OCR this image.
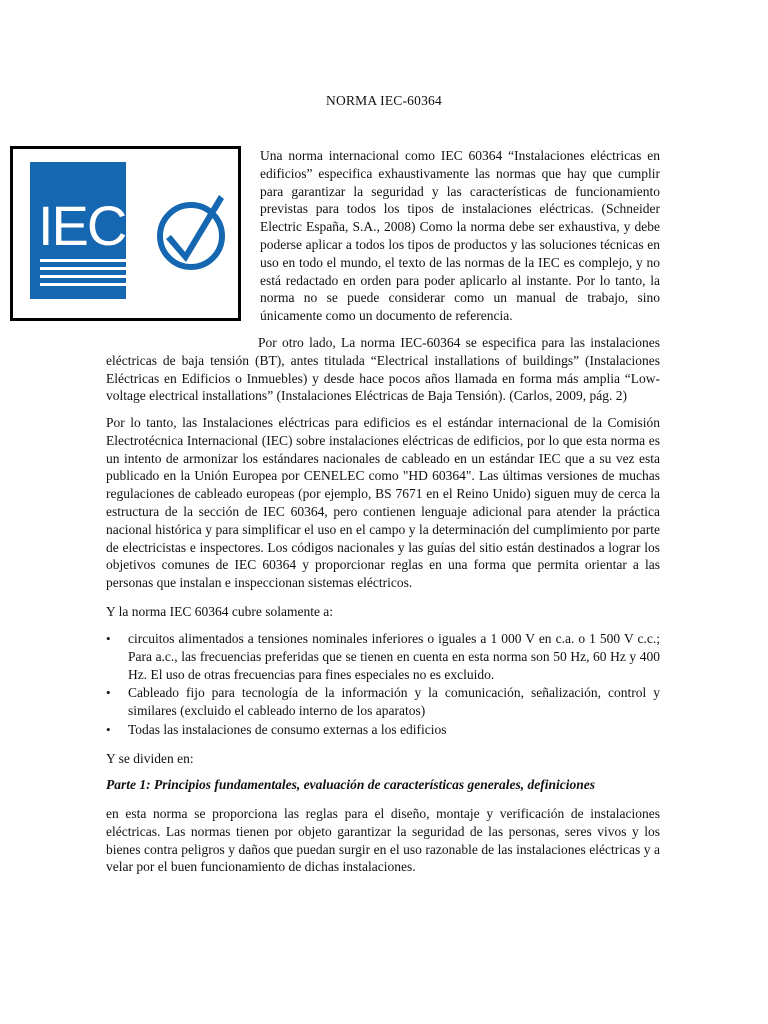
NORMA IEC-60364
IEC

Una norma internacional como IEC 60364 “Instalaciones eléctricas en edificios” especifica exhaustivamente las normas que hay que cumplir para garantizar la seguridad y las características de funcionamiento previstas para todos los tipos de instalaciones eléctricas. (Schneider Electric España, S.A., 2008) Como la norma debe ser exhaustiva, y debe poderse aplicar a todos los tipos de productos y las soluciones técnicas en uso en todo el mundo, el texto de las normas de la IEC es complejo, y no está redactado en orden para poder aplicarlo al instante. Por lo tanto, la norma no se puede considerar como un manual de trabajo, sino únicamente como un documento de referencia.

Por otro lado, La norma IEC-60364 se especifica para las instalaciones eléctricas de baja tensión (BT), antes titulada “Electrical installations of buildings” (Instalaciones Eléctricas en Edificios o Inmuebles) y desde hace pocos años llamada en forma más amplia “Low-voltage electrical installations” (Instalaciones Eléctricas de Baja Tensión). (Carlos, 2009, pág. 2)

Por lo tanto, las Instalaciones eléctricas para edificios es el estándar internacional de la Comisión Electrotécnica Internacional (IEC) sobre instalaciones eléctricas de edificios, por lo que esta norma es un intento de armonizar los estándares nacionales de cableado en un estándar IEC que a su vez esta publicado en la Unión Europea por CENELEC como "HD 60364". Las últimas versiones de muchas regulaciones de cableado europeas (por ejemplo, BS 7671 en el Reino Unido) siguen muy de cerca la estructura de la sección de IEC 60364, pero contienen lenguaje adicional para atender la práctica nacional histórica y para simplificar el uso en el campo y la determinación del cumplimiento por parte de electricistas e inspectores. Los códigos nacionales y las guías del sitio están destinados a lograr los objetivos comunes de IEC 60364 y proporcionar reglas en una forma que permita orientar a las personas que instalan e inspeccionan sistemas eléctricos.

Y la norma IEC 60364 cubre solamente a:

• circuitos alimentados a tensiones nominales inferiores o iguales a 1 000 V en c.a. o 1 500 V c.c.; Para a.c., las frecuencias preferidas que se tienen en cuenta en esta norma son 50 Hz, 60 Hz y 400 Hz. El uso de otras frecuencias para fines especiales no es excluido.
• Cableado fijo para tecnología de la información y la comunicación, señalización, control y similares (excluido el cableado interno de los aparatos)
• Todas las instalaciones de consumo externas a los edificios

Y se dividen en:

Parte 1: Principios fundamentales, evaluación de características generales, definiciones

en esta norma se proporciona las reglas para el diseño, montaje y verificación de instalaciones eléctricas. Las normas tienen por objeto garantizar la seguridad de las personas, seres vivos y los bienes contra peligros y daños que puedan surgir en el uso razonable de las instalaciones eléctricas y a velar por el buen funcionamiento de dichas instalaciones.
